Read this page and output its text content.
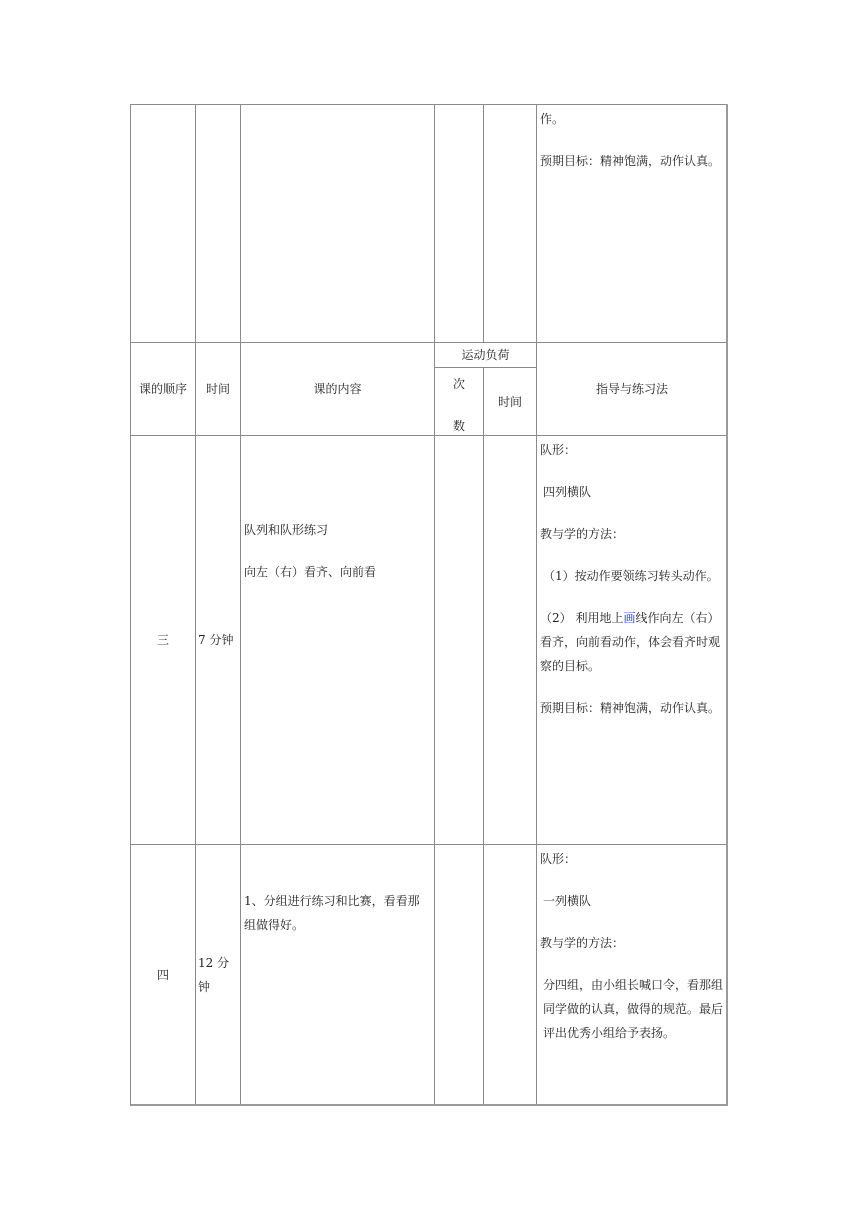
作。

预期目标：精神饱满，动作认真。

课的顺序 时间	课的内容
运动负荷
次
数
时间
指导与练习法
三 7 分钟

队列和队形练习

向左（右）看齐、向前看

队形：

四列横队

教与学的方法：

（1）按动作要领练习转头动作。

（2） 利用地上画线作向左（右）看齐，向前看动作，体会看齐时观察的目标。

预期目标：精神饱满，动作认真。

四
12 分钟

1、分组进行练习和比赛，看看那组做得好。

队形：

一列横队

教与学的方法：

分四组，由小组长喊口令，看那组同学做的认真，做得的规范。最后评出优秀小组给予表扬。
